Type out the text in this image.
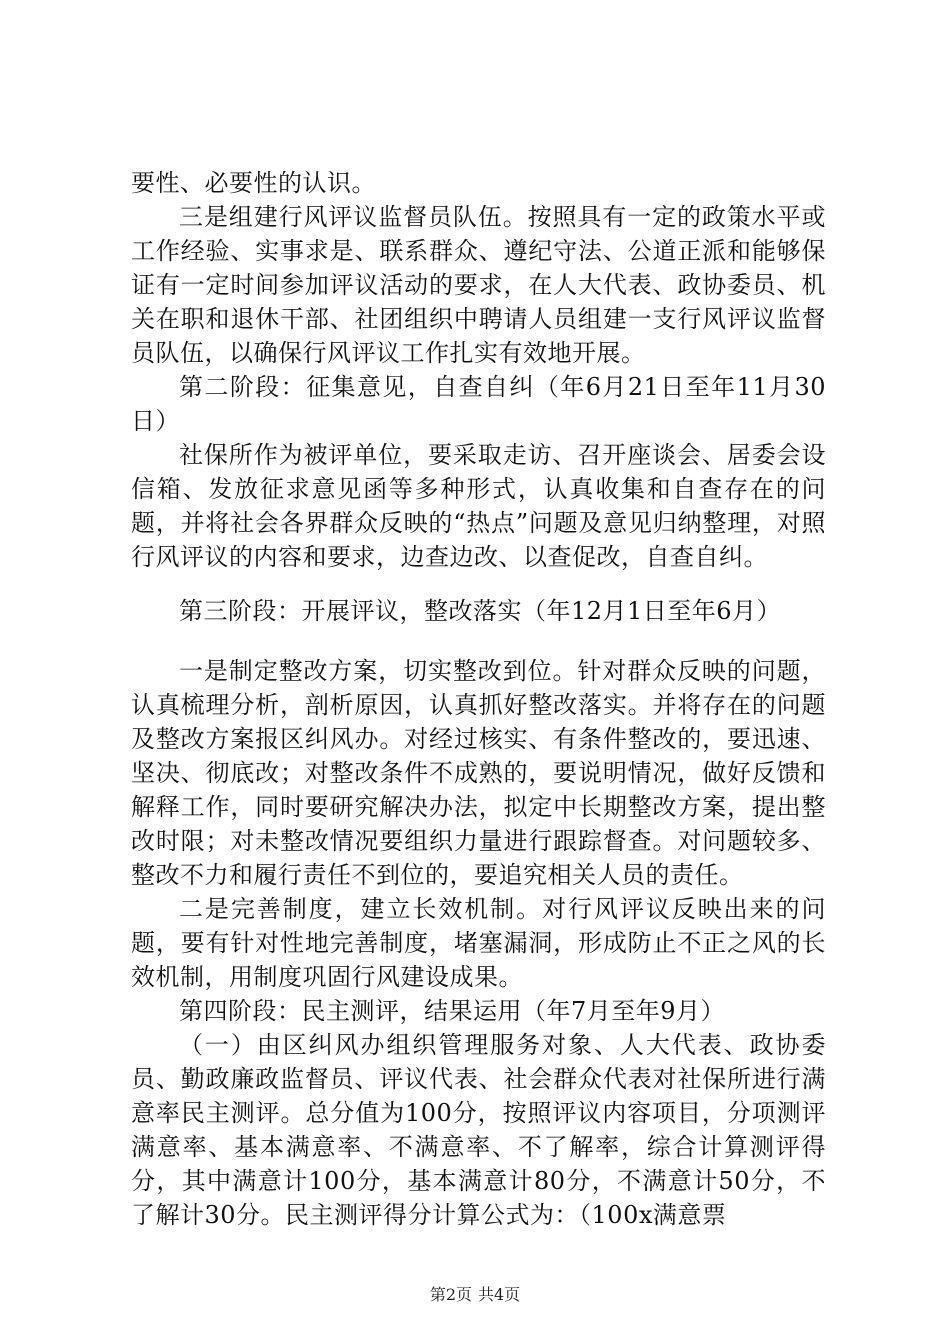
要性、必要性的认识。

三是组建行风评议监督员队伍。按照具有一定的政策水平或工作经验、实事求是、联系群众、遵纪守法、公道正派和能够保证有一定时间参加评议活动的要求，在人大代表、政协委员、机关在职和退休干部、社团组织中聘请人员组建一支行风评议监督员队伍，以确保行风评议工作扎实有效地开展。

第二阶段：征集意见，自查自纠（年6月21日至年11月30日）

社保所作为被评单位，要采取走访、召开座谈会、居委会设信箱、发放征求意见函等多种形式，认真收集和自查存在的问题，并将社会各界群众反映的“热点”问题及意见归纳整理，对照行风评议的内容和要求，边查边改、以查促改，自查自纠。

第三阶段：开展评议，整改落实（年12月1日至年6月）

一是制定整改方案，切实整改到位。针对群众反映的问题，认真梳理分析，剖析原因，认真抓好整改落实。并将存在的问题及整改方案报区纠风办。对经过核实、有条件整改的，要迅速、坚决、彻底改；对整改条件不成熟的，要说明情况，做好反馈和解释工作，同时要研究解决办法，拟定中长期整改方案，提出整改时限；对未整改情况要组织力量进行跟踪督查。对问题较多、整改不力和履行责任不到位的，要追究相关人员的责任。

二是完善制度，建立长效机制。对行风评议反映出来的问题，要有针对性地完善制度，堵塞漏洞，形成防止不正之风的长效机制，用制度巩固行风建设成果。

第四阶段：民主测评，结果运用（年7月至年9月）

（一）由区纠风办组织管理服务对象、人大代表、政协委员、勤政廉政监督员、评议代表、社会群众代表对社保所进行满意率民主测评。总分值为100分，按照评议内容项目，分项测评满意率、基本满意率、不满意率、不了解率，综合计算测评得分，其中满意计100分，基本满意计80分，不满意计50分，不了解计30分。民主测评得分计算公式为：（100x满意票

第2页 共4页
